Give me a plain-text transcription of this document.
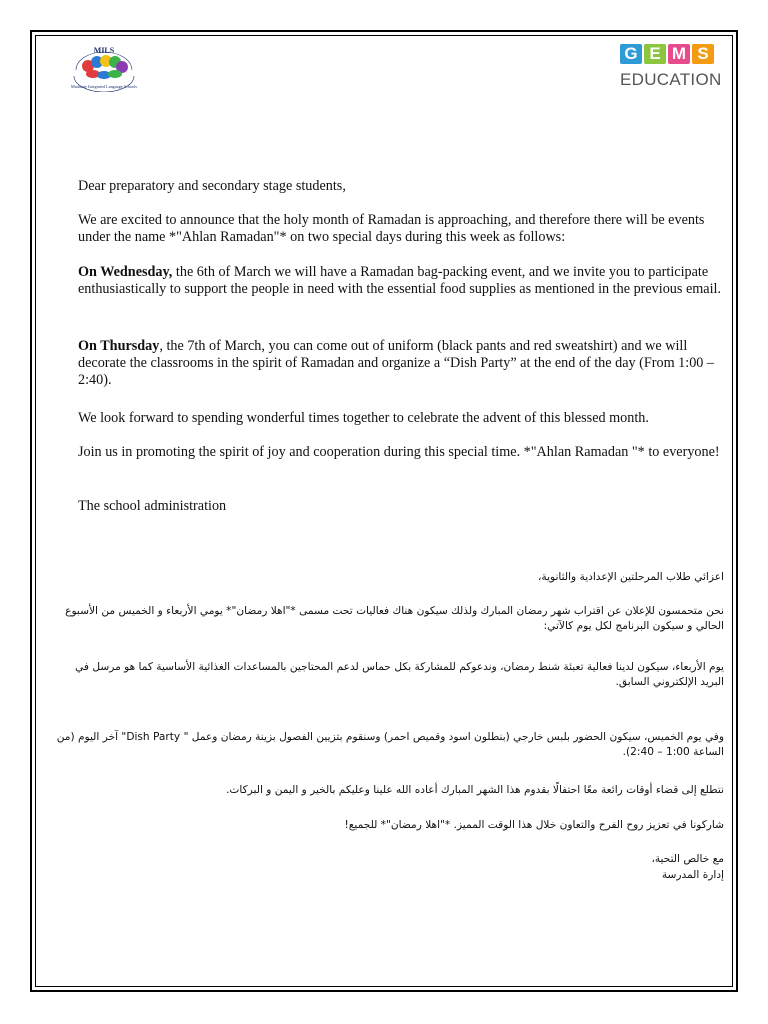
MILS
Madinaty Integrated Language Schools
G E M S
EDUCATION

Dear preparatory and secondary stage students,

We are excited to announce that the holy month of Ramadan is approaching, and therefore there will be events under the name *"Ahlan Ramadan"* on two special days during this week as follows:

On Wednesday, the 6th of March we will have a Ramadan bag-packing event, and we invite you to participate enthusiastically to support the people in need with the essential food supplies as mentioned in the previous email.

On Thursday, the 7th of March, you can come out of uniform (black pants and red sweatshirt) and we will decorate the classrooms in the spirit of Ramadan and organize a “Dish Party” at the end of the day (From 1:00 – 2:40).

We look forward to spending wonderful times together to celebrate the advent of this blessed month.

Join us in promoting the spirit of joy and cooperation during this special time. *"Ahlan Ramadan "* to everyone!

The school administration

اعزائي طلاب المرحلتين الإعدادية والثانوية،

نحن متحمسون للإعلان عن اقتراب شهر رمضان المبارك ولذلك سيكون هناك فعاليات تحت مسمى *"اهلا رمضان"* يومي الأربعاء و الخميس من الأسبوع الحالي و سيكون البرنامج لكل يوم كالآتي:

يوم الأربعاء، سيكون لدينا فعالية تعبئة شنط رمضان، وندعوكم للمشاركة بكل حماس لدعم المحتاجين بالمساعدات الغذائية الأساسية كما هو مرسل في البريد الإلكتروني السابق.

وفي يوم الخميس، سيكون الحضور بلبس خارجي (بنطلون اسود وقميص احمر) وسنقوم بتزيين الفصول بزينة رمضان وعمل " Dish Party" آخر اليوم (من الساعة 1:00 – 2:40).

نتطلع إلى قضاء أوقات رائعة معًا احتفالًا بقدوم هذا الشهر المبارك أعاده الله علينا وعليكم بالخير و اليمن و البركات.

شاركونا في تعزيز روح الفرح والتعاون خلال هذا الوقت المميز. *"اهلا رمضان"* للجميع!

مع خالص التحية،

إدارة المدرسة
